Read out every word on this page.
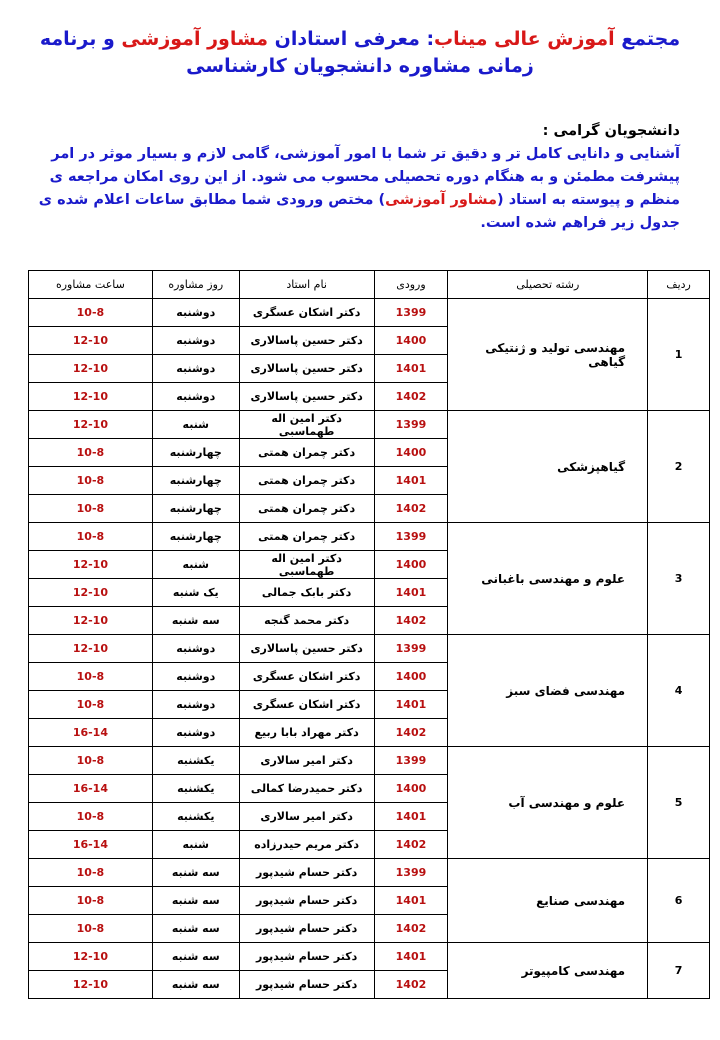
مجتمع آموزش عالی میناب: معرفی استادان مشاور آموزشی و برنامه
زمانی مشاوره دانشجویان کارشناسی
دانشجویان گرامی :
آشنایی و دانایی کامل تر و دقیق تر شما با امور آموزشی، گامی لازم و بسیار موثر در امر پیشرفت مطمئن و به هنگام دوره تحصیلی محسوب می شود. از این روی امکان مراجعه ی منظم و پیوسته به استاد (مشاور آموزشی) مختص ورودی شما مطابق ساعات اعلام شده ی جدول زیر فراهم شده است.
ردیف	رشته تحصیلی	ورودی	نام استاد	روز مشاوره	ساعت مشاوره
1	مهندسی تولید و ژنتیکی گیاهی	1399	دکتر اشکان عسگری	دوشنبه	10-8
		1400	دکتر حسین پاسالاری	دوشنبه	12-10
		1401	دکتر حسین پاسالاری	دوشنبه	12-10
		1402	دکتر حسین پاسالاری	دوشنبه	12-10
2	گیاهپزشکی	1399	دکتر امین اله طهماسبی	شنبه	12-10
		1400	دکتر چمران همتی	چهارشنبه	10-8
		1401	دکتر چمران همتی	چهارشنبه	10-8
		1402	دکتر چمران همتی	چهارشنبه	10-8
3	علوم و مهندسی باغبانی	1399	دکتر چمران همتی	چهارشنبه	10-8
		1400	دکتر امین اله طهماسبی	شنبه	12-10
		1401	دکتر بابک جمالی	یک شنبه	12-10
		1402	دکتر محمد گنجه	سه شنبه	12-10
4	مهندسی فضای سبز	1399	دکتر حسین پاسالاری	دوشنبه	12-10
		1400	دکتر اشکان عسگری	دوشنبه	10-8
		1401	دکتر اشکان عسگری	دوشنبه	10-8
		1402	دکتر مهراد بابا ربیع	دوشنبه	16-14
5	علوم و مهندسی آب	1399	دکتر امیر سالاری	یکشنبه	10-8
		1400	دکتر حمیدرضا کمالی	یکشنبه	16-14
		1401	دکتر امیر سالاری	یکشنبه	10-8
		1402	دکتر مریم حیدرزاده	شنبه	16-14
6	مهندسی صنایع	1399	دکتر حسام شیدپور	سه شنبه	10-8
		1401	دکتر حسام شیدپور	سه شنبه	10-8
		1402	دکتر حسام شیدپور	سه شنبه	10-8
7	مهندسی کامپیوتر	1401	دکتر حسام شیدپور	سه شنبه	12-10
		1402	دکتر حسام شیدپور	سه شنبه	12-10
